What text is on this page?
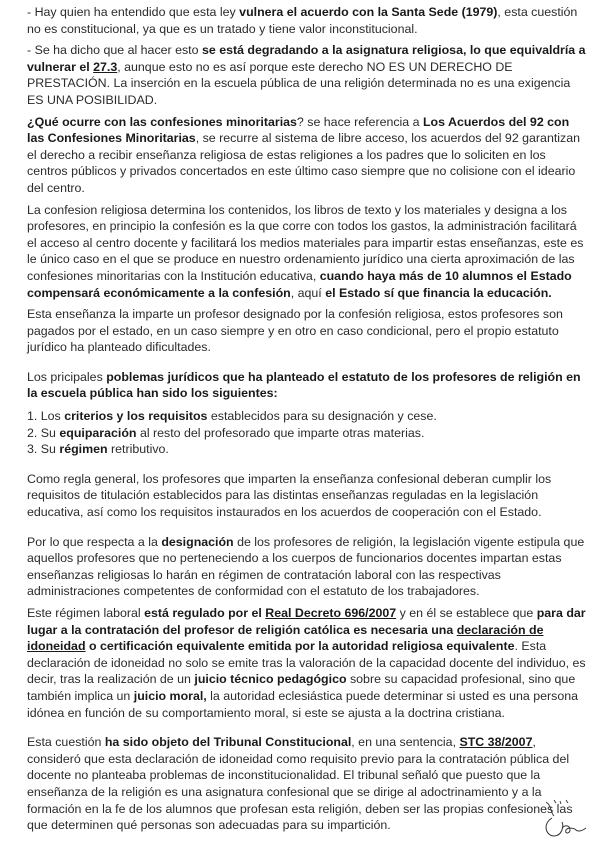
- Hay quien ha entendido que esta ley vulnera el acuerdo con la Santa Sede (1979), esta cuestión no es constitucional, ya que es un tratado y tiene valor inconstitucional.

- Se ha dicho que al hacer esto se está degradando a la asignatura religiosa, lo que equivaldría a vulnerar el 27.3, aunque esto no es así porque este derecho NO ES UN DERECHO DE PRESTACIÓN. La inserción en la escuela pública de una religión determinada no es una exigencia ES UNA POSIBILIDAD.

¿Qué ocurre con las confesiones minoritarias? se hace referencia a Los Acuerdos del 92 con las Confesiones Minoritarias, se recurre al sistema de libre acceso, los acuerdos del 92 garantizan el derecho a recibir enseñanza religiosa de estas religiones a los padres que lo soliciten en los centros públicos y privados concertados en este último caso siempre que no colisione con el ideario del centro.

La confesion religiosa determina los contenidos, los libros de texto y los materiales y designa a los profesores, en principio la confesión es la que corre con todos los gastos, la administración facilitará el acceso al centro docente y facilitará los medios materiales para impartir estas enseñanzas, este es le único caso en el que se produce en nuestro ordenamiento jurídico una cierta aproximación de las confesiones minoritarias con la Institución educativa, cuando haya más de 10 alumnos el Estado compensará económicamente a la confesión, aquí el Estado sí que financia la educación.

Esta enseñanza la imparte un profesor designado por la confesión religiosa, estos profesores son pagados por el estado, en un caso siempre y en otro en caso condicional, pero el propio estatuto jurídico ha planteado dificultades.

Los pricipales poblemas jurídicos que ha planteado el estatuto de los profesores de religión en la escuela pública han sido los siguientes:

1. Los criterios y los requisitos establecidos para su designación y cese.
2. Su equiparación al resto del profesorado que imparte otras materias.
3. Su régimen retributivo.

Como regla general, los profesores que imparten la enseñanza confesional deberan cumplir los requisitos de titulación establecidos para las distintas enseñanzas reguladas en la legislación educativa, así como los requisitos instaurados en los acuerdos de cooperación con el Estado.

Por lo que respecta a la designación de los profesores de religión, la legislación vigente estipula que aquellos profesores que no perteneciendo a los cuerpos de funcionarios docentes impartan estas enseñanzas religiosas lo harán en régimen de contratación laboral con las respectivas administraciones competentes de conformidad con el estatuto de los trabajadores.

Este régimen laboral está regulado por el Real Decreto 696/2007 y en él se establece que para dar lugar a la contratación del profesor de religión católica es necesaria una declaración de idoneidad o certificación equivalente emitida por la autoridad religiosa equivalente. Esta declaración de idoneidad no solo se emite tras la valoración de la capacidad docente del individuo, es decir, tras la realización de un juicio técnico pedagógico sobre su capacidad profesional, sino que también implica un juicio moral, la autoridad eclesiástica puede determinar si usted es una persona idónea en función de su comportamiento moral, si este se ajusta a la doctrina cristiana.

Esta cuestión ha sido objeto del Tribunal Constitucional, en una sentencia, STC 38/2007, consideró que esta declaración de idoneidad como requisito previo para la contratación pública del docente no planteaba problemas de inconstitucionalidad. El tribunal señaló que puesto que la enseñanza de la religión es una asignatura confesional que se dirige al adoctrinamiento y a la formación en la fe de los alumnos que profesan esta religión, deben ser las propias confesiones las que determinen qué personas son adecuadas para su impartición.
